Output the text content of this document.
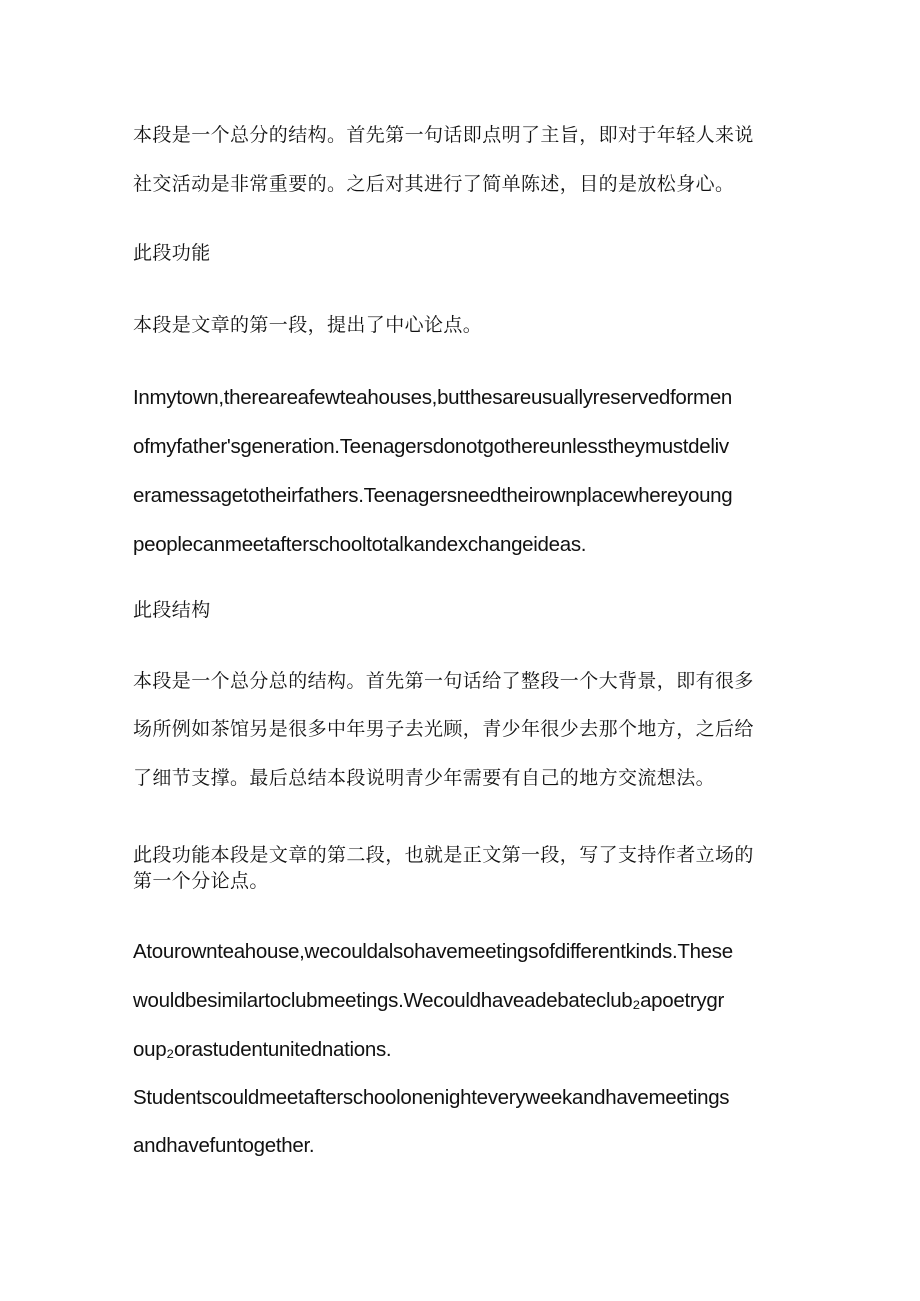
本段是一个总分的结构。首先第一句话即点明了主旨，即对于年轻人来说
社交活动是非常重要的。之后对其进行了简单陈述，目的是放松身心。
此段功能
本段是文章的第一段，提出了中心论点。
Inmytown,thereareafewteahouses,butthesareusuallyreservedformen
ofmyfather'sgeneration.Teenagersdonotgothereunlesstheymustdeliv
eramessagetotheirfathers.Teenagersneedtheirownplacewhereyoung
peoplecanmeetafterschooltotalkandexchangeideas.
此段结构
本段是一个总分总的结构。首先第一句话给了整段一个大背景，即有很多
场所例如茶馆另是很多中年男子去光顾，青少年很少去那个地方，之后给
了细节支撑。最后总结本段说明青少年需要有自己的地方交流想法。
此段功能本段是文章的第二段，也就是正文第一段，写了支持作者立场的
第一个分论点。
Atourownteahouse,wecouldalsohavemeetingsofdifferentkinds.These
wouldbesimilartoclubmeetings.Wecouldhaveadebateclub₂apoetrygr
oup₂orastudentunitednations.
Studentscouldmeetafterschoolonenighteveryweekandhavemeetings
andhavefuntogether.
